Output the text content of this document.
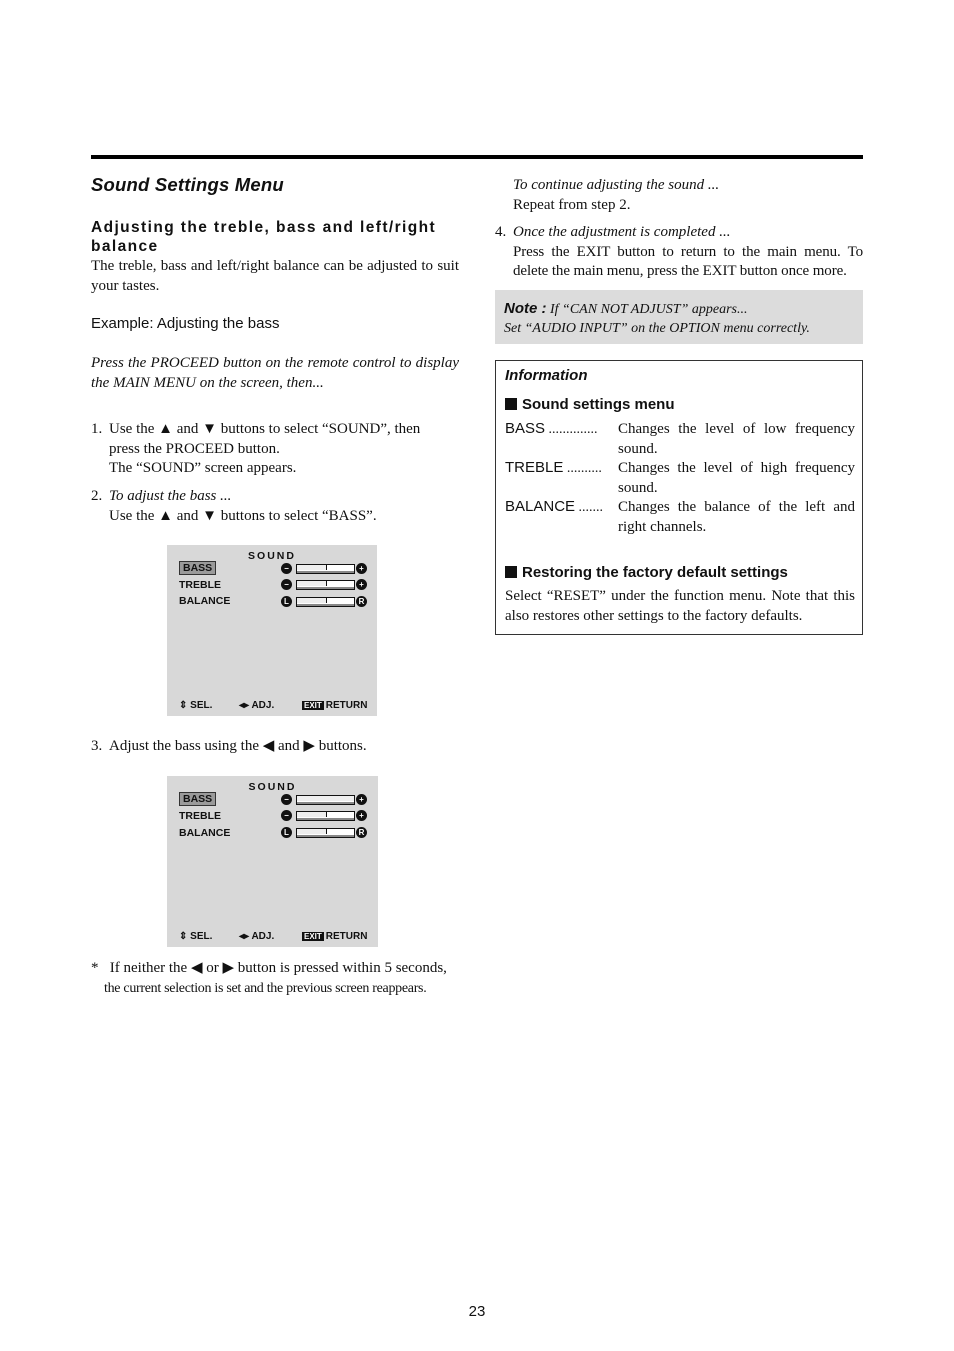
Sound Settings Menu
Adjusting the treble, bass and left/right balance
The treble, bass and left/right balance can be adjusted to suit your tastes.
Example: Adjusting the bass
Press the PROCEED button on the remote control to display the MAIN MENU on the screen, then...
1. Use the ▲ and ▼ buttons to select “SOUND”, then
press the PROCEED button.
The “SOUND” screen appears.
2. To adjust the bass ...
Use the ▲ and ▼ buttons to select “BASS”.
SOUND
BASS
TREBLE
BALANCE
−	+
−	+
L	R
⇕ SEL.	◂▸ ADJ.	EXIT RETURN
3. Adjust the bass using the ◀ and ▶ buttons.
SOUND
BASS
TREBLE
BALANCE
−	+
−	+
L	R
⇕ SEL.	◂▸ ADJ.	EXIT RETURN
* If neither the ◀ or ▶ button is pressed within 5 seconds,
the current selection is set and the previous screen reappears.
To continue adjusting the sound ...
Repeat from step 2.
4. Once the adjustment is completed ...
Press the EXIT button to return to the main menu. To delete the main menu, press the EXIT button once more.
Note : If “CAN NOT ADJUST” appears...
Set “AUDIO INPUT” on the OPTION menu correctly.
Information
Sound settings menu
BASS .............. Changes the level of low frequency sound.
TREBLE .......... Changes the level of high frequency sound.
BALANCE ....... Changes the balance of the left and right channels.
Restoring the factory default settings
Select “RESET” under the function menu. Note that this also restores other settings to the factory defaults.
23
